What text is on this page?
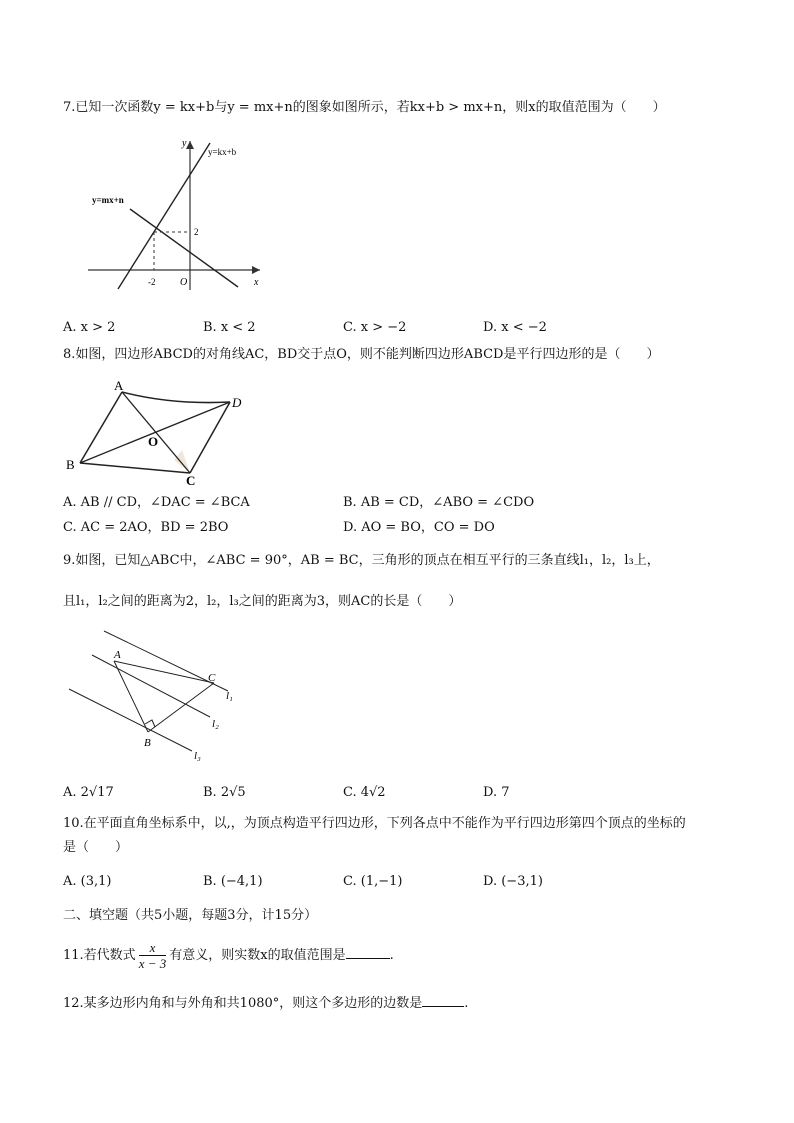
7.已知一次函数y = kx+b与y = mx+n的图象如图所示，若kx+b > mx+n，则x的取值范围为（　　）
y=kx+b
y=mx+n
y
x
O
-2
2
A. x > 2	B. x < 2	C. x > −2	D. x < −2
8.如图，四边形ABCD的对角线AC，BD交于点O，则不能判断四边形ABCD是平行四边形的是（　　）
A
B
C
D
O
A. AB // CD，∠DAC = ∠BCA	B. AB = CD，∠ABO = ∠CDO
C. AC = 2AO，BD = 2BO	D. AO = BO，CO = DO
9.如图，已知△ABC中，∠ABC = 90°，AB = BC，三角形的顶点在相互平行的三条直线l₁，l₂，l₃上，
且l₁，l₂之间的距离为2，l₂，l₃之间的距离为3，则AC的长是（　　）
A
B
C
l₁
l₂
l₃
A. 2√17	B. 2√5	C. 4√2	D. 7
10.在平面直角坐标系中，以,，为顶点构造平行四边形，下列各点中不能作为平行四边形第四个顶点的坐标的
是（　　）
A. (3,1)	B. (−4,1)	C. (1,−1)	D. (−3,1)
二、填空题（共5小题，每题3分，计15分）
11.若代数式 $\frac{x}{x - 3}$ 有意义，则实数x的取值范围是	.
12.某多边形内角和与外角和共1080°，则这个多边形的边数是	.
